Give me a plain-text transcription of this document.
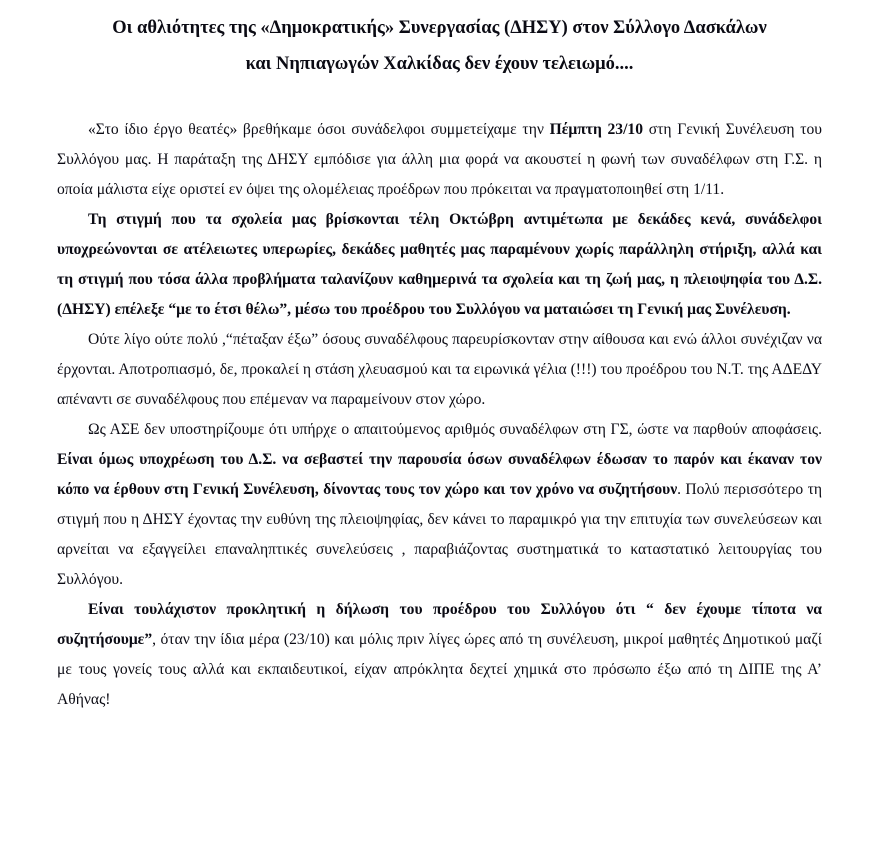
Οι αθλιότητες της «Δημοκρατικής» Συνεργασίας (ΔΗΣΥ) στον Σύλλογο Δασκάλων
και Νηπιαγωγών Χαλκίδας δεν έχουν τελειωμό....

«Στο ίδιο έργο θεατές» βρεθήκαμε όσοι συνάδελφοι συμμετείχαμε την Πέμπτη 23/10 στη Γενική Συνέλευση του Συλλόγου μας. Η παράταξη της ΔΗΣΥ εμπόδισε για άλλη μια φορά να ακουστεί η φωνή των συναδέλφων στη Γ.Σ. η οποία μάλιστα είχε οριστεί εν όψει της ολομέλειας προέδρων που πρόκειται να πραγματοποιηθεί στη 1/11.

Τη στιγμή που τα σχολεία μας βρίσκονται τέλη Οκτώβρη αντιμέτωπα με δεκάδες κενά, συνάδελφοι υποχρεώνονται σε ατέλειωτες υπερωρίες, δεκάδες μαθητές μας παραμένουν χωρίς παράλληλη στήριξη, αλλά και τη στιγμή που τόσα άλλα προβλήματα ταλανίζουν καθημερινά τα σχολεία και τη ζωή μας, η πλειοψηφία του Δ.Σ. (ΔΗΣΥ) επέλεξε “με το έτσι θέλω”, μέσω του προέδρου του Συλλόγου να ματαιώσει τη Γενική μας Συνέλευση.

Ούτε λίγο ούτε πολύ ,“πέταξαν έξω” όσους συναδέλφους παρευρίσκονταν στην αίθουσα και ενώ άλλοι συνέχιζαν να έρχονται. Αποτροπιασμό, δε, προκαλεί η στάση χλευασμού και τα ειρωνικά γέλια (!!!) του προέδρου του Ν.Τ. της ΑΔΕΔΥ απέναντι σε συναδέλφους που επέμεναν να παραμείνουν στον χώρο.

Ως ΑΣΕ δεν υποστηρίζουμε ότι υπήρχε ο απαιτούμενος αριθμός συναδέλφων στη ΓΣ, ώστε να παρθούν αποφάσεις. Είναι όμως υποχρέωση του Δ.Σ. να σεβαστεί την παρουσία όσων συναδέλφων έδωσαν το παρόν και έκαναν τον κόπο να έρθουν στη Γενική Συνέλευση, δίνοντας τους τον χώρο και τον χρόνο να συζητήσουν. Πολύ περισσότερο τη στιγμή που η ΔΗΣΥ έχοντας την ευθύνη της πλειοψηφίας, δεν κάνει το παραμικρό για την επιτυχία των συνελεύσεων και αρνείται να εξαγγείλει επαναληπτικές συνελεύσεις , παραβιάζοντας συστηματικά το καταστατικό λειτουργίας του Συλλόγου.

Είναι τουλάχιστον προκλητική η δήλωση του προέδρου του Συλλόγου ότι “ δεν έχουμε τίποτα να συζητήσουμε”, όταν την ίδια μέρα (23/10) και μόλις πριν λίγες ώρες από τη συνέλευση, μικροί μαθητές Δημοτικού μαζί με τους γονείς τους αλλά και εκπαιδευτικοί, είχαν απρόκλητα δεχτεί χημικά στο πρόσωπο έξω από τη ΔΙΠΕ της Α’ Αθήνας!
